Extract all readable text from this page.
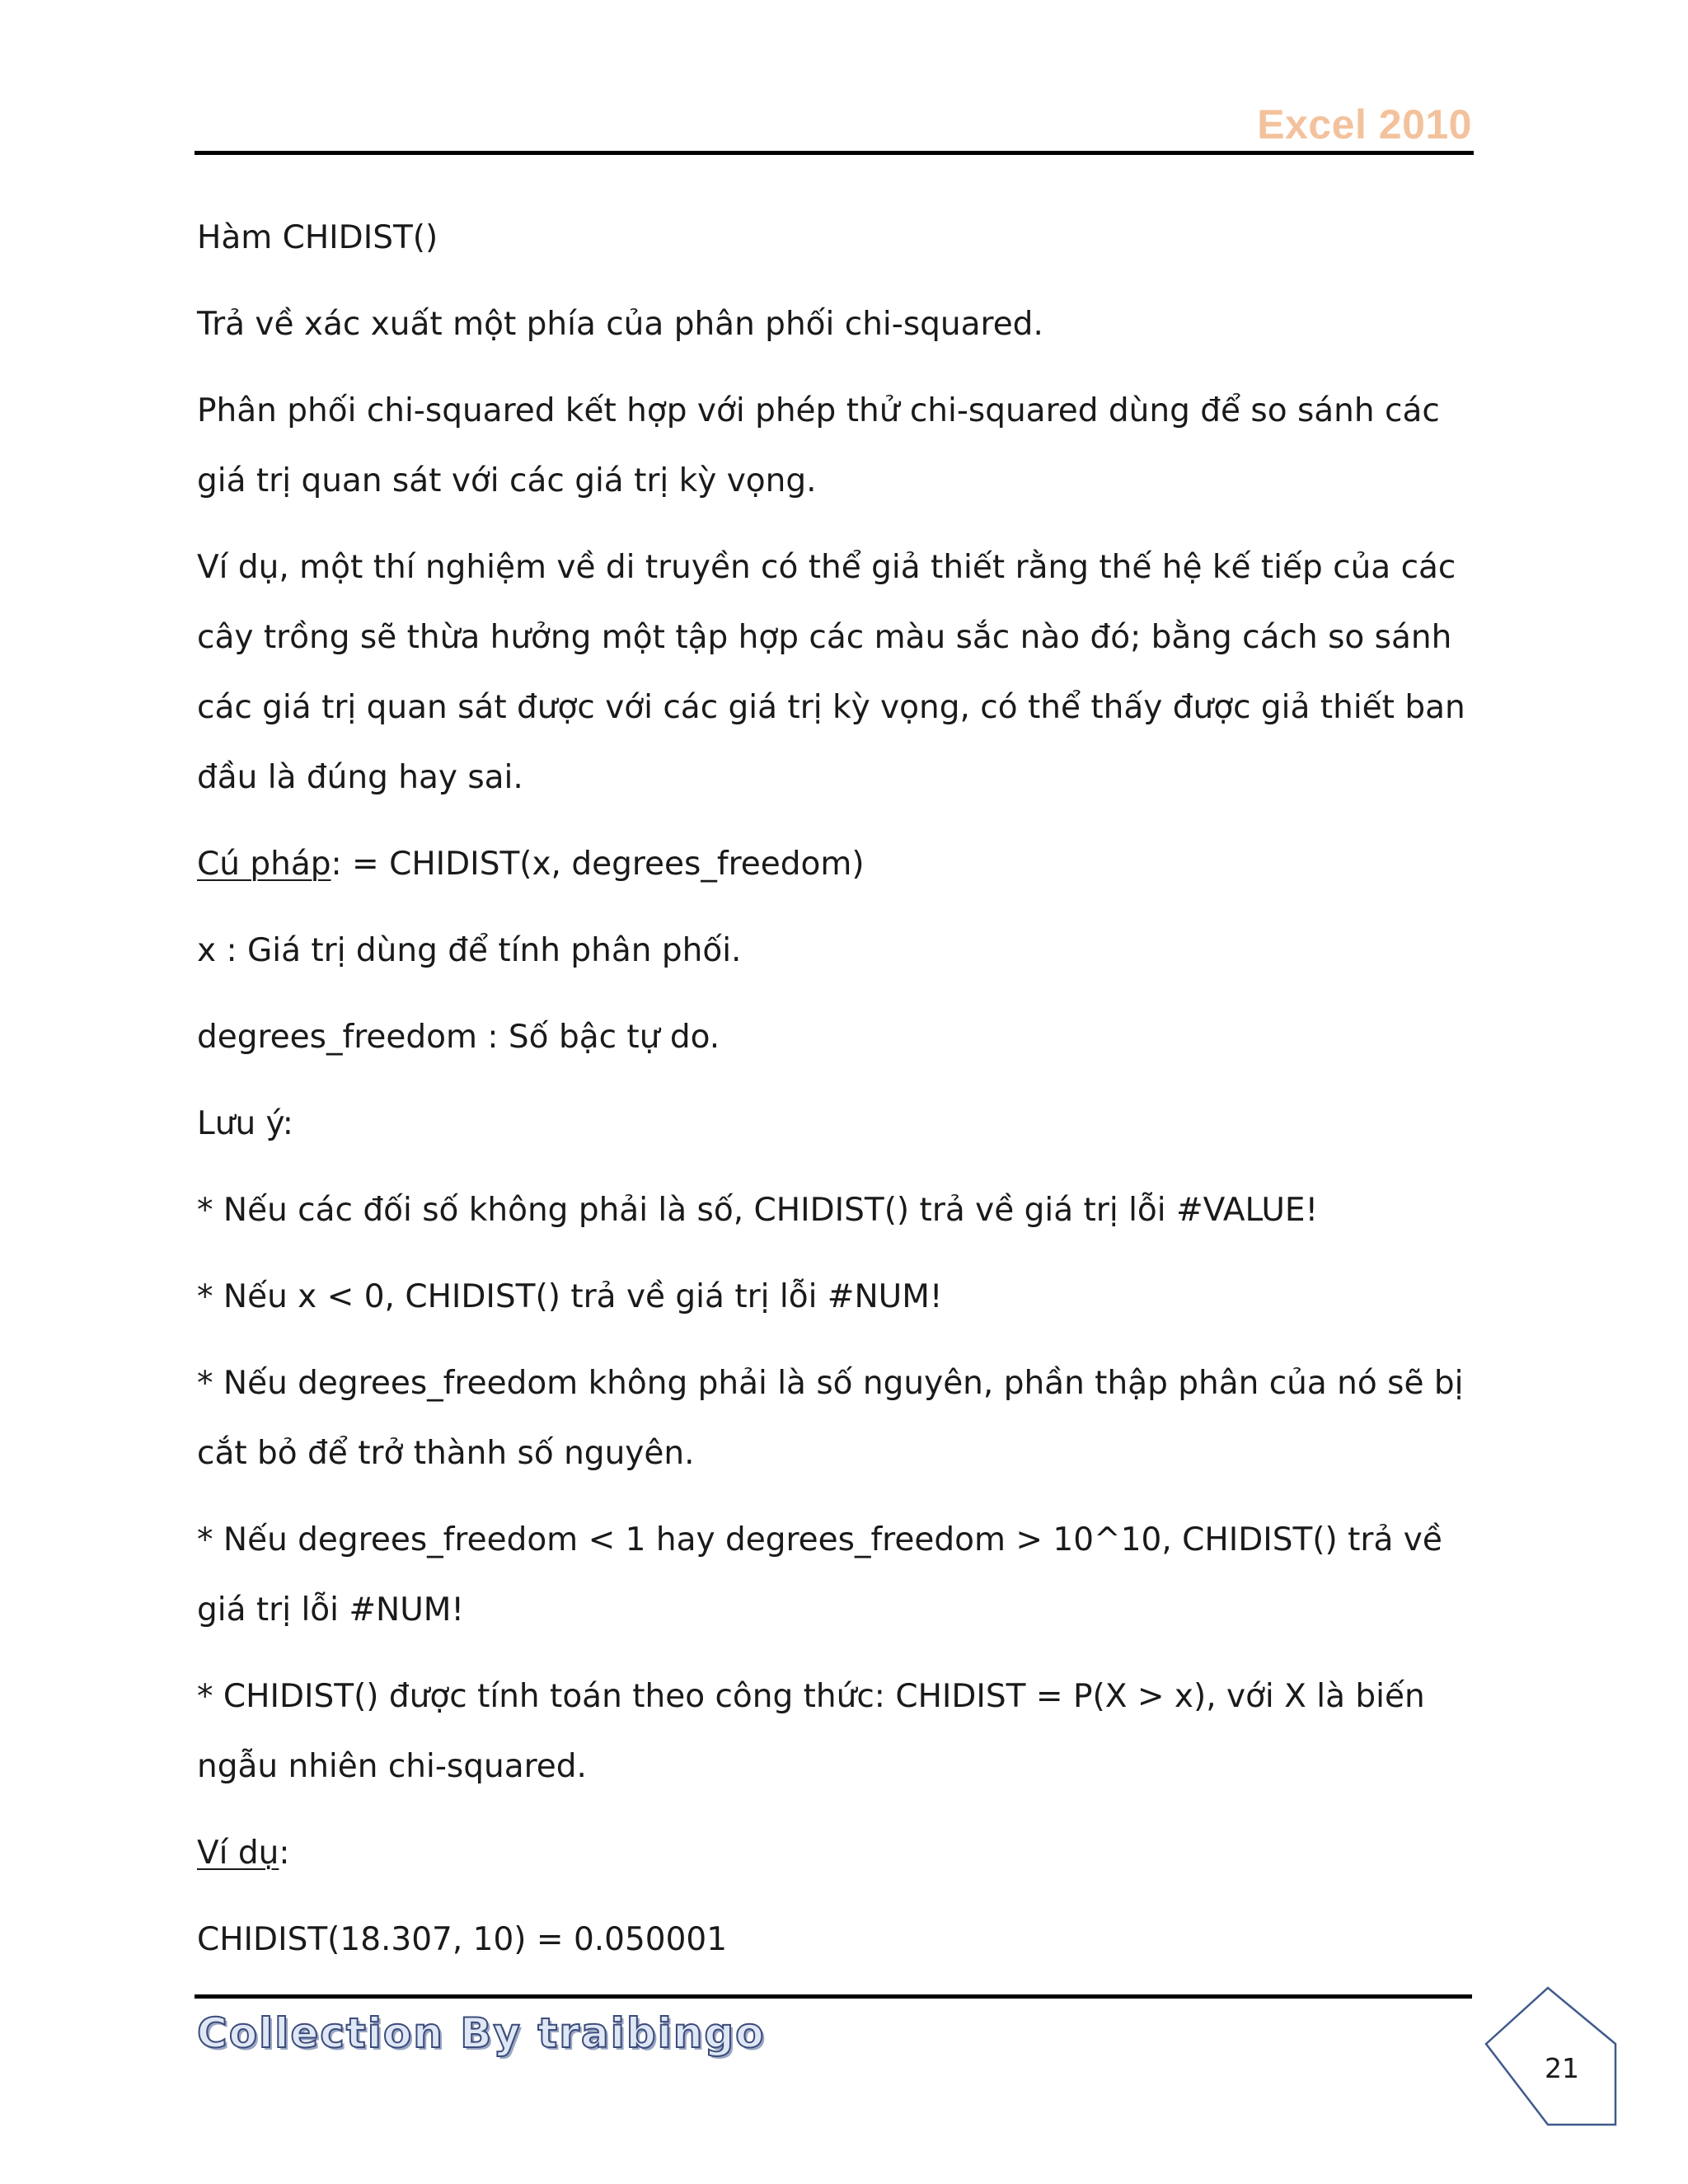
Excel 2010

Hàm CHIDIST()

Trả về xác xuất một phía của phân phối chi-squared.

Phân phối chi-squared kết hợp với phép thử chi-squared dùng để so sánh các giá trị quan sát với các giá trị kỳ vọng.

Ví dụ, một thí nghiệm về di truyền có thể giả thiết rằng thế hệ kế tiếp của các cây trồng sẽ thừa hưởng một tập hợp các màu sắc nào đó; bằng cách so sánh các giá trị quan sát được với các giá trị kỳ vọng, có thể thấy được giả thiết ban đầu là đúng hay sai.

Cú pháp: = CHIDIST(x, degrees_freedom)

x : Giá trị dùng để tính phân phối.

degrees_freedom : Số bậc tự do.

Lưu ý:

* Nếu các đối số không phải là số, CHIDIST() trả về giá trị lỗi #VALUE!

* Nếu x < 0, CHIDIST() trả về giá trị lỗi #NUM!

* Nếu degrees_freedom không phải là số nguyên, phần thập phân của nó sẽ bị cắt bỏ để trở thành số nguyên.

* Nếu degrees_freedom < 1 hay degrees_freedom > 10^10, CHIDIST() trả về giá trị lỗi #NUM!

* CHIDIST() được tính toán theo công thức: CHIDIST = P(X > x), với X là biến ngẫu nhiên chi-squared.

Ví dụ:

CHIDIST(18.307, 10) = 0.050001

Collection By traibingo
21
